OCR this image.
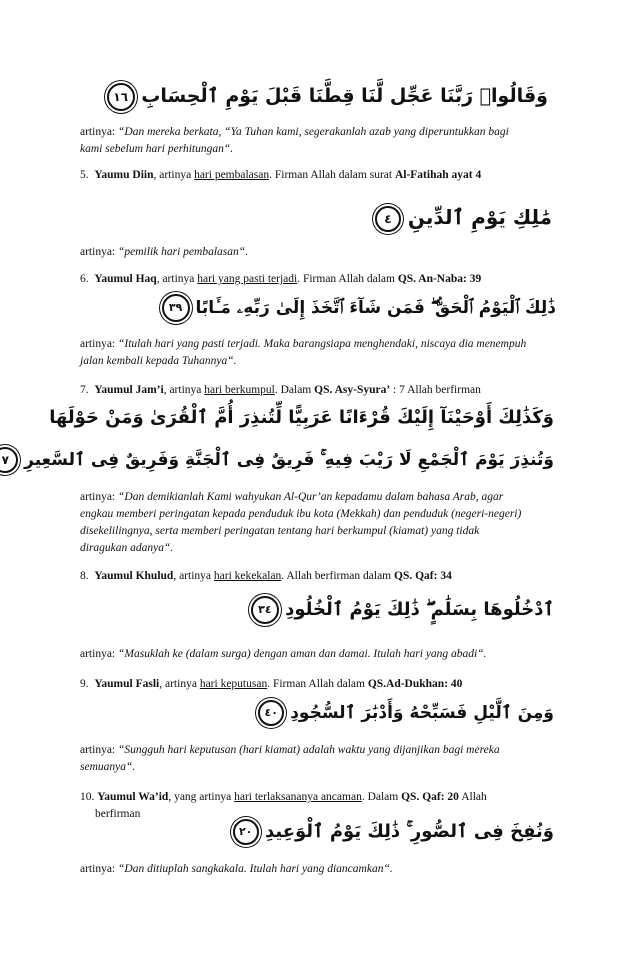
وَقَالُوا۟ رَبَّنَا عَجِّل لَّنَا قِطَّنَا قَبْلَ يَوْمِ ٱلْحِسَابِ ١٦
artinya: “Dan mereka berkata, “Ya Tuhan kami, segerakanlah azab yang diperuntukkan bagi
kami sebelum hari perhitungan“.
5. Yaumu Diin, artinya hari pembalasan. Firman Allah dalam surat Al-Fatihah ayat 4
مَٰلِكِ يَوْمِ ٱلدِّينِ ٤
artinya: “pemilik hari pembalasan“.
6. Yaumul Haq, artinya hari yang pasti terjadi. Firman Allah dalam QS. An-Naba: 39
ذَٰلِكَ ٱلْيَوْمُ ٱلْحَقُّ ۖ فَمَن شَآءَ ٱتَّخَذَ إِلَىٰ رَبِّهِۦ مَـَٔابًا ٣٩
artinya: “Itulah hari yang pasti terjadi. Maka barangsiapa menghendaki, niscaya dia menempuh
jalan kembali kepada Tuhannya“.
7. Yaumul Jam’i, artinya hari berkumpul. Dalam QS. Asy-Syura’ : 7 Allah berfirman
وَكَذَٰلِكَ أَوْحَيْنَآ إِلَيْكَ قُرْءَانًا عَرَبِيًّا لِّتُنذِرَ أُمَّ ٱلْقُرَىٰ وَمَنْ حَوْلَهَا
وَتُنذِرَ يَوْمَ ٱلْجَمْعِ لَا رَيْبَ فِيهِ ۚ فَرِيقٌ فِى ٱلْجَنَّةِ وَفَرِيقٌ فِى ٱلسَّعِيرِ ٧
artinya: “Dan demikianlah Kami wahyukan Al-Qur’an kepadamu dalam bahasa Arab, agar
engkau memberi peringatan kepada penduduk ibu kota (Mekkah) dan penduduk (negeri-negeri)
disekelilingnya, serta memberi peringatan tentang hari berkumpul (kiamat) yang tidak
diragukan adanya“.
8. Yaumul Khulud, artinya hari kekekalan. Allah berfirman dalam QS. Qaf: 34
ٱدْخُلُوهَا بِسَلَٰمٍ ۖ ذَٰلِكَ يَوْمُ ٱلْخُلُودِ ٣٤
artinya: “Masuklah ke (dalam surga) dengan aman dan damai. Itulah hari yang abadi“.
9. Yaumul Fasli, artinya hari keputusan. Firman Allah dalam QS.Ad-Dukhan: 40
وَمِنَ ٱلَّيْلِ فَسَبِّحْهُ وَأَدْبَٰرَ ٱلسُّجُودِ ٤٠
artinya: “Sungguh hari keputusan (hari kiamat) adalah waktu yang dijanjikan bagi mereka
semuanya“.
10. Yaumul Wa’id, yang artinya hari terlaksananya ancaman. Dalam QS. Qaf: 20 Allah
berfirman
وَنُفِخَ فِى ٱلصُّورِ ۚ ذَٰلِكَ يَوْمُ ٱلْوَعِيدِ ٢٠
artinya: “Dan ditiuplah sangkakala. Itulah hari yang diancamkan“.
